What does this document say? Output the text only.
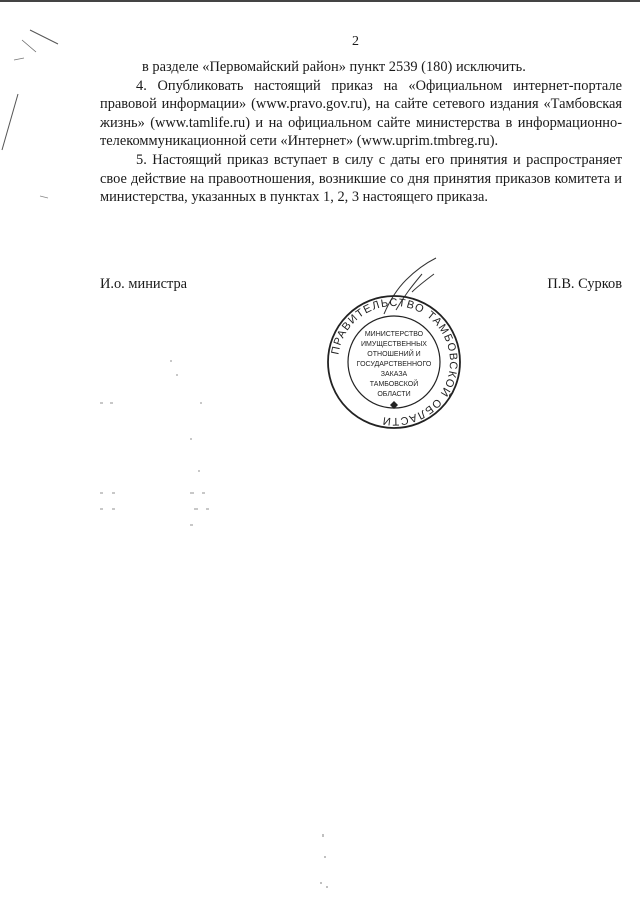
2

в разделе «Первомайский район» пункт 2539 (180) исключить.

4. Опубликовать настоящий приказ на «Официальном интернет-портале правовой информации» (www.pravo.gov.ru), на сайте сетевого издания «Тамбовская жизнь» (www.tamlife.ru) и на официальном сайте министерства в информационно-телекоммуникационной сети «Интернет» (www.uprim.tmbreg.ru).

5. Настоящий приказ вступает в силу с даты его принятия и распространяет свое действие на правоотношения, возникшие со дня принятия приказов комитета и министерства, указанных в пунктах 1, 2, 3 настоящего приказа.

И.о. министра	П.В. Сурков
ПРАВИТЕЛЬСТВО ТАМБОВСКОЙ ОБЛАСТИ
МИНИСТЕРСТВО
ИМУЩЕСТВЕННЫХ
ОТНОШЕНИЙ И
ГОСУДАРСТВЕННОГО
ЗАКАЗА
ТАМБОВСКОЙ
ОБЛАСТИ
